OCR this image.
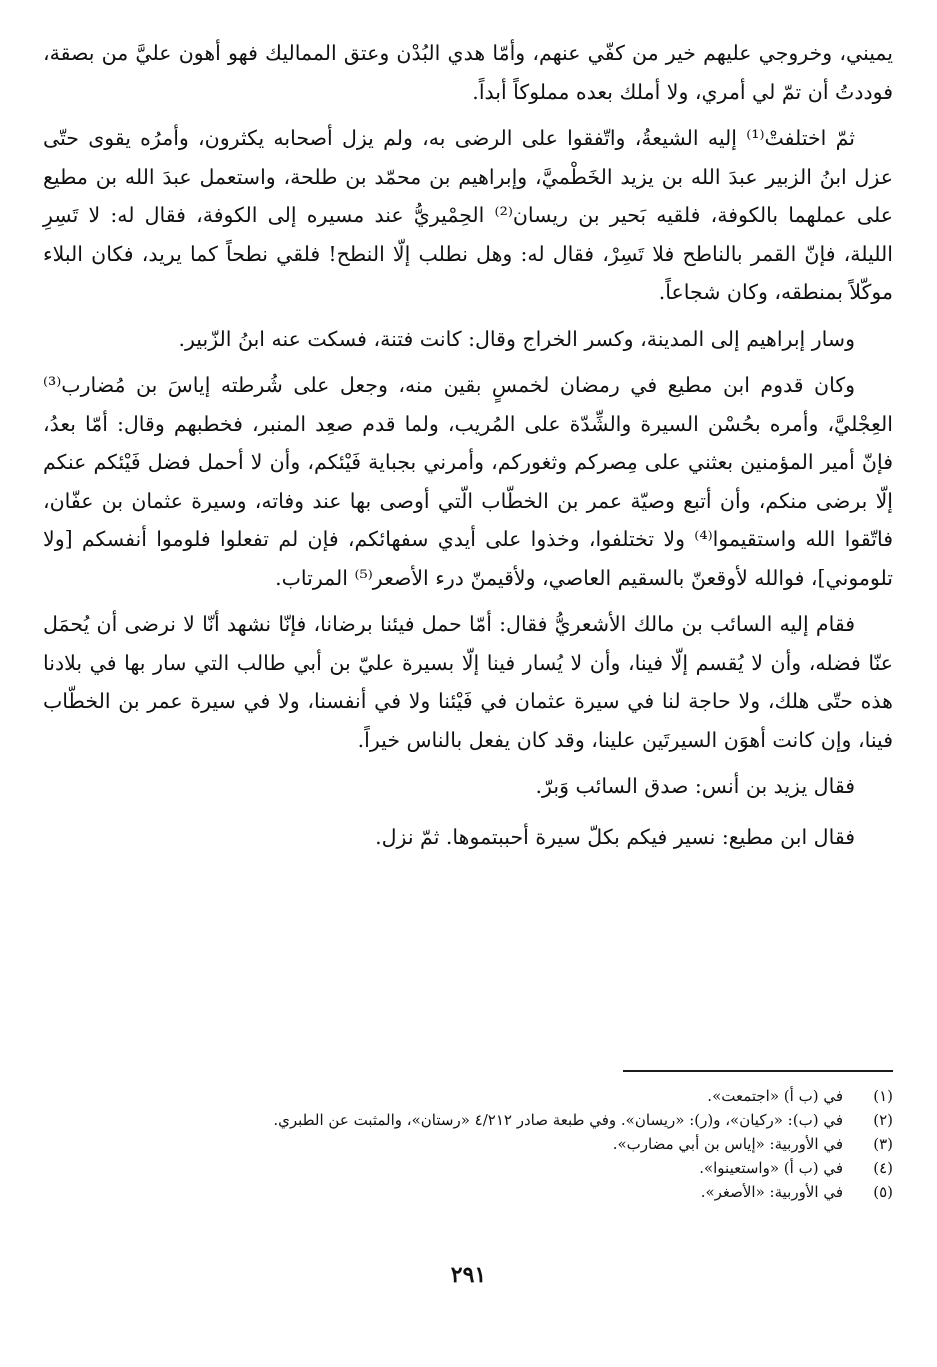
يميني، وخروجي عليهم خير من كفّي عنهم، وأمّا هدي البُدْن وعتق المماليك فهو أهون عليَّ من بصقة، فوددتُ أن تمّ لي أمري، ولا أملك بعده مملوكاً أبداً.

ثمّ اختلفتْ⁽¹⁾ إليه الشيعةُ، واتّفقوا على الرضى به، ولم يزل أصحابه يكثرون، وأمرُه يقوى حتّى عزل ابنُ الزبير عبدَ الله بن يزيد الخَطْميَّ، وإبراهيم بن محمّد بن طلحة، واستعمل عبدَ الله بن مطيع على عملهما بالكوفة، فلقيه بَحير بن ريسان⁽²⁾ الحِمْيريُّ عند مسيره إلى الكوفة، فقال له: لا تَسِرِ الليلة، فإنّ القمر بالناطح فلا تَسِرْ، فقال له: وهل نطلب إلّا النطح! فلقي نطحاً كما يريد، فكان البلاء موكّلاً بمنطقه، وكان شجاعاً.

وسار إبراهيم إلى المدينة، وكسر الخراج وقال: كانت فتنة، فسكت عنه ابنُ الزّبير.

وكان قدوم ابن مطيع في رمضان لخمسٍ بقين منه، وجعل على شُرطته إياسَ بن مُضارب⁽³⁾ العِجْليَّ، وأمره بحُسْن السيرة والشِّدّة على المُريب، ولما قدم صعِد المنبر، فخطبهم وقال: أمّا بعدُ، فإنّ أمير المؤمنين بعثني على مِصركم وثغوركم، وأمرني بجباية فَيْئكم، وأن لا أحمل فضل فَيْئكم عنكم إلّا برضى منكم، وأن أتبع وصيّة عمر بن الخطّاب الّتي أوصى بها عند وفاته، وسيرة عثمان بن عفّان، فاتّقوا الله واستقيموا⁽⁴⁾ ولا تختلفوا، وخذوا على أيدي سفهائكم، فإن لم تفعلوا فلوموا أنفسكم [ولا تلوموني]، فوالله لأوقعنّ بالسقيم العاصي، ولأقيمنّ درء الأصعر⁽⁵⁾ المرتاب.

فقام إليه السائب بن مالك الأشعريُّ فقال: أمّا حمل فيئنا برضانا، فإنّا نشهد أنّا لا نرضى أن يُحمَل عنّا فضله، وأن لا يُقسم إلّا فينا، وأن لا يُسار فينا إلّا بسيرة عليّ بن أبي طالب التي سار بها في بلادنا هذه حتّى هلك، ولا حاجة لنا في سيرة عثمان في فَيْئنا ولا في أنفسنا، ولا في سيرة عمر بن الخطّاب فينا، وإن كانت أهوَن السيرتَين علينا، وقد كان يفعل بالناس خيراً.

فقال يزيد بن أنس: صدق السائب وَبرّ.

فقال ابن مطيع: نسير فيكم بكلّ سيرة أحببتموها. ثمّ نزل.

(١)
في (ب أ) «اجتمعت».
(٢)
في (ب): «ركيان»، و(ر): «ريسان». وفي طبعة صادر ٤/٢١٢ «رستان»، والمثبت عن الطبري.
(٣)
في الأوربية: «إياس بن أبي مضارب».
(٤)
في (ب أ) «واستعينوا».
(٥)
في الأوربية: «الأصغر».
٢٩١
